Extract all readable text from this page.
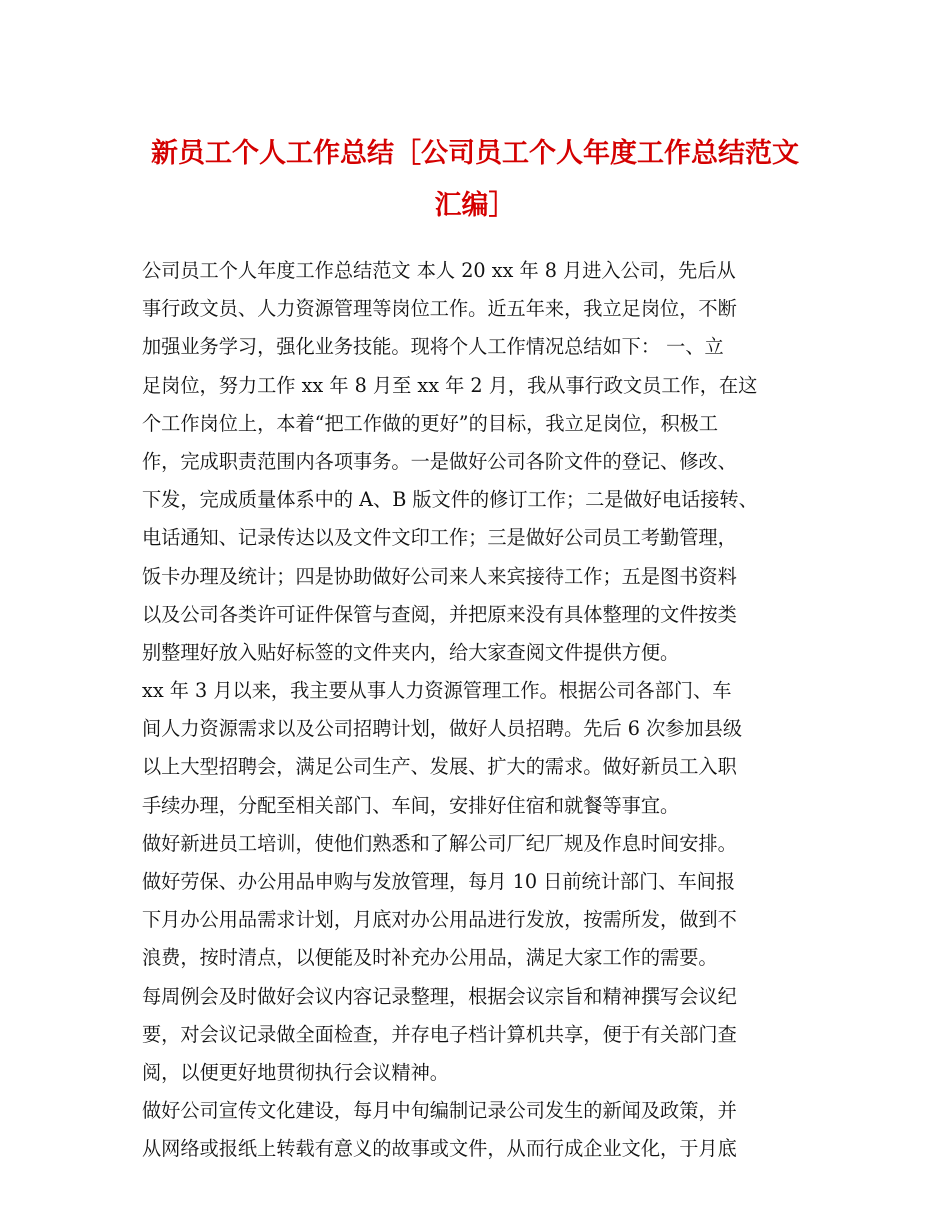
新员工个人工作总结［公司员工个人年度工作总结范文
汇编］
公司员工个人年度工作总结范文 本人 20 xx 年 8 月进入公司，先后从
事行政文员、人力资源管理等岗位工作。近五年来，我立足岗位，不断
加强业务学习，强化业务技能。现将个人工作情况总结如下： 一、立
足岗位，努力工作 xx 年 8 月至 xx 年 2 月，我从事行政文员工作，在这
个工作岗位上，本着“把工作做的更好”的目标，我立足岗位，积极工
作，完成职责范围内各项事务。一是做好公司各阶文件的登记、修改、
下发，完成质量体系中的 A、B 版文件的修订工作；二是做好电话接转、
电话通知、记录传达以及文件文印工作；三是做好公司员工考勤管理，
饭卡办理及统计；四是协助做好公司来人来宾接待工作；五是图书资料
以及公司各类许可证件保管与查阅，并把原来没有具体整理的文件按类
别整理好放入贴好标签的文件夹内，给大家查阅文件提供方便。
xx 年 3 月以来，我主要从事人力资源管理工作。根据公司各部门、车
间人力资源需求以及公司招聘计划，做好人员招聘。先后 6 次参加县级
以上大型招聘会，满足公司生产、发展、扩大的需求。做好新员工入职
手续办理，分配至相关部门、车间，安排好住宿和就餐等事宜。
做好新进员工培训，使他们熟悉和了解公司厂纪厂规及作息时间安排。
做好劳保、办公用品申购与发放管理，每月 10 日前统计部门、车间报
下月办公用品需求计划，月底对办公用品进行发放，按需所发，做到不
浪费，按时清点，以便能及时补充办公用品，满足大家工作的需要。
每周例会及时做好会议内容记录整理，根据会议宗旨和精神撰写会议纪
要，对会议记录做全面检查，并存电子档计算机共享，便于有关部门查
阅，以便更好地贯彻执行会议精神。
做好公司宣传文化建设，每月中旬编制记录公司发生的新闻及政策，并
从网络或报纸上转载有意义的故事或文件，从而行成企业文化，于月底
